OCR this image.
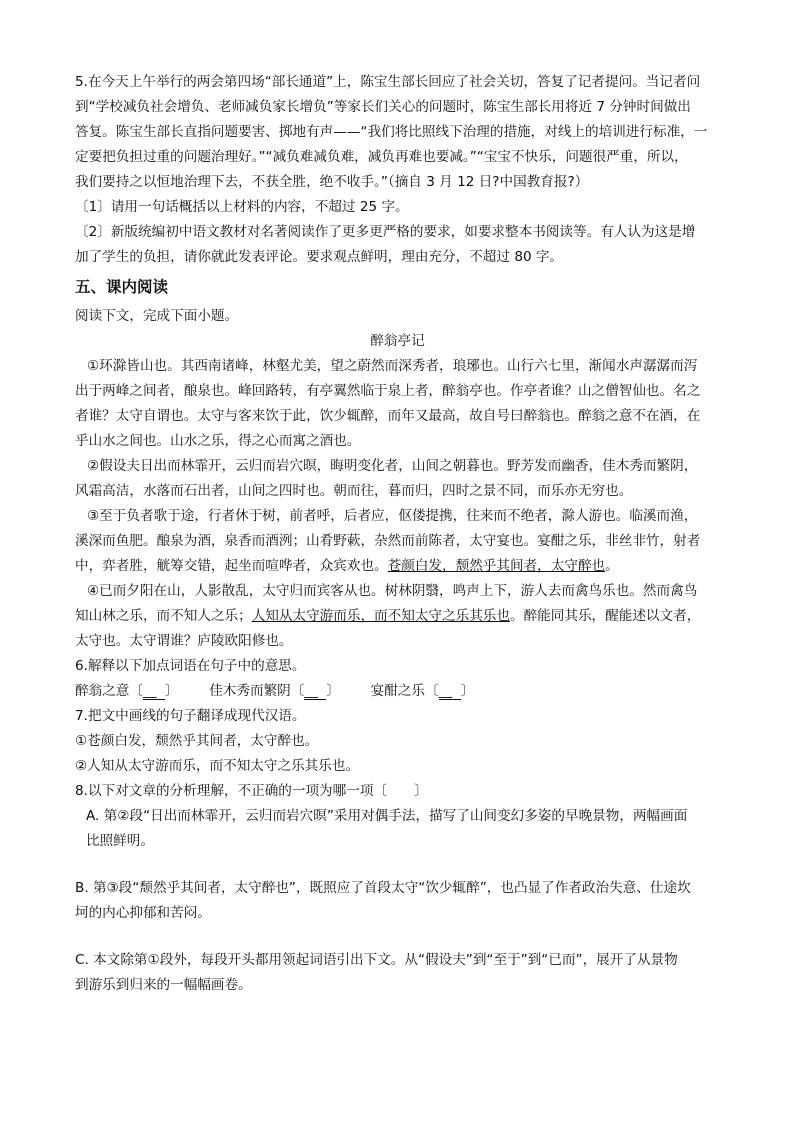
5.在今天上午举行的两会第四场“部长通道”上，陈宝生部长回应了社会关切，答复了记者提问。当记者问

到“学校减负社会增负、老师减负家长增负”等家长们关心的问题时，陈宝生部长用将近 7 分钟时间做出

答复。陈宝生部长直指问题要害、掷地有声——“我们将比照线下治理的措施，对线上的培训进行标准，一

定要把负担过重的问题治理好。”“减负难减负难，减负再难也要减。”“宝宝不快乐，问题很严重，所以，

我们要持之以恒地治理下去，不获全胜，绝不收手。”（摘自 3 月 12 日?中国教育报?）

〔1〕请用一句话概括以上材料的内容，不超过 25 字。

〔2〕新版统编初中语文教材对名著阅读作了更多更严格的要求，如要求整本书阅读等。有人认为这是增

加了学生的负担，请你就此发表评论。要求观点鲜明，理由充分，不超过 80 字。

五、课内阅读

阅读下文，完成下面小题。

醉翁亭记

①环滁皆山也。其西南诸峰，林壑尤美，望之蔚然而深秀者，琅琊也。山行六七里，渐闻水声潺潺而泻

出于两峰之间者，酿泉也。峰回路转，有亭翼然临于泉上者，醉翁亭也。作亭者谁？山之僧智仙也。名之

者谁？太守自谓也。太守与客来饮于此，饮少辄醉，而年又最高，故自号曰醉翁也。醉翁之意不在酒，在

乎山水之间也。山水之乐，得之心而寓之酒也。

②假设夫日出而林霏开，云归而岩穴暝，晦明变化者，山间之朝暮也。野芳发而幽香，佳木秀而繁阴，

风霜高洁，水落而石出者，山间之四时也。朝而往，暮而归，四时之景不同，而乐亦无穷也。

③至于负者歌于途，行者休于树，前者呼，后者应，伛偻提携，往来而不绝者，滁人游也。临溪而渔，

溪深而鱼肥。酿泉为酒，泉香而酒洌；山肴野蔌，杂然而前陈者，太守宴也。宴酣之乐，非丝非竹，射者

中，弈者胜，觥筹交错，起坐而喧哗者，众宾欢也。苍颜白发，颓然乎其间者，太守醉也。

④已而夕阳在山，人影散乱，太守归而宾客从也。树林阴翳，鸣声上下，游人去而禽鸟乐也。然而禽鸟

知山林之乐，而不知人之乐；人知从太守游而乐，而不知太守之乐其乐也。醉能同其乐，醒能述以文者，

太守也。太守谓谁？庐陵欧阳修也。

6.解释以下加点词语在句子中的意思。

醉翁之意〔__ 〕 佳木秀而繁阴〔__ 〕 宴酣之乐〔__ 〕

7.把文中画线的句子翻译成现代汉语。

①苍颜白发，颓然乎其间者，太守醉也。

②人知从太守游而乐，而不知太守之乐其乐也。

8.以下对文章的分析理解，不正确的一项为哪一项〔　　〕

A. 第②段“日出而林霏开，云归而岩穴暝”采用对偶手法，描写了山间变幻多姿的早晚景物，两幅画面

比照鲜明。

B. 第③段“颓然乎其间者，太守醉也”，既照应了首段太守“饮少辄醉”，也凸显了作者政治失意、仕途坎

坷的内心抑郁和苦闷。

C. 本文除第①段外，每段开头都用领起词语引出下文。从“假设夫”到“至于”到“已而”，展开了从景物

到游乐到归来的一幅幅画卷。
